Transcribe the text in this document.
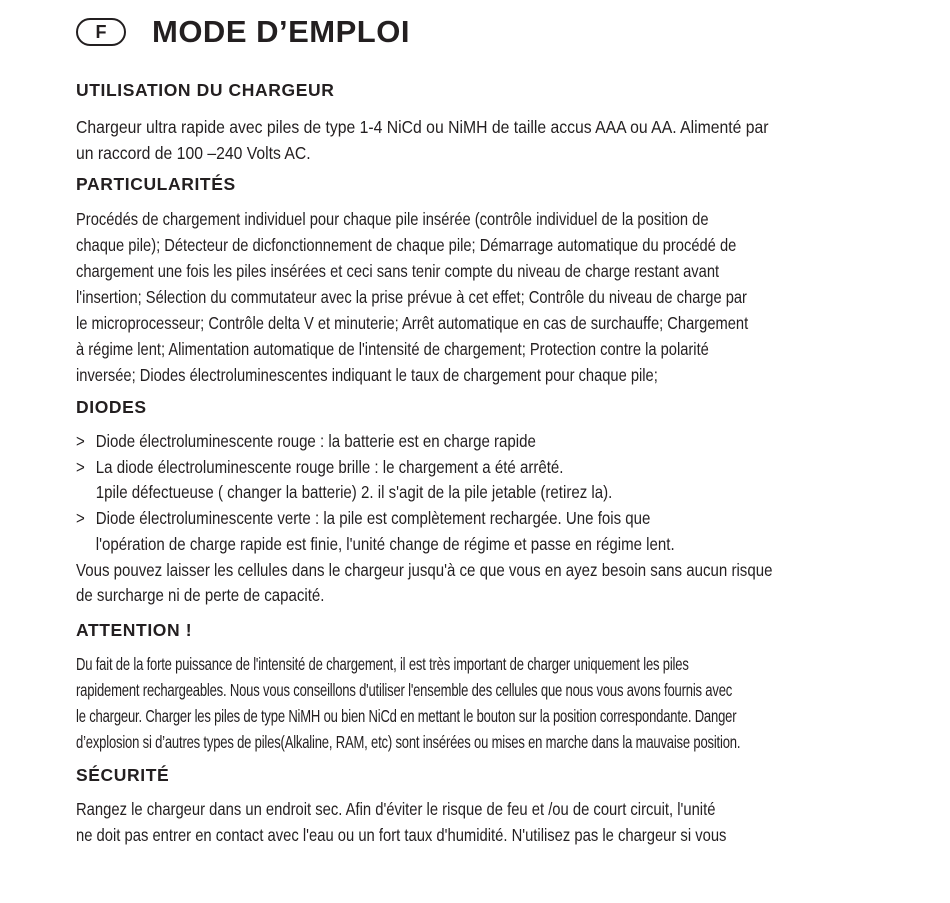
F MODE D’EMPLOI
UTILISATION DU CHARGEUR
Chargeur ultra rapide avec piles de type 1-4 NiCd ou NiMH de taille accus AAA ou AA. Alimenté par
un raccord de 100 –240 Volts AC.
PARTICULARITÉS
Procédés de chargement individuel pour chaque pile insérée (contrôle individuel de la position de
chaque pile); Détecteur de dicfonctionnement de chaque pile; Démarrage automatique du procédé de
chargement une fois les piles insérées et ceci sans tenir compte du niveau de charge restant avant
l'insertion; Sélection du commutateur avec la prise prévue à cet effet; Contrôle du niveau de charge par
le microprocesseur; Contrôle delta V et minuterie; Arrêt automatique en cas de surchauffe; Chargement
à régime lent; Alimentation automatique de l'intensité de chargement; Protection contre la polarité
inversée; Diodes électroluminescentes indiquant le taux de chargement pour chaque pile;
DIODES
> Diode électroluminescente rouge : la batterie est en charge rapide
> La diode électroluminescente rouge brille : le chargement a été arrêté.
1pile défectueuse ( changer la batterie) 2. il s'agit de la pile jetable (retirez la).
> Diode électroluminescente verte : la pile est complètement rechargée. Une fois que
l'opération de charge rapide est finie, l'unité change de régime et passe en régime lent.
Vous pouvez laisser les cellules dans le chargeur jusqu'à ce que vous en ayez besoin sans aucun risque
de surcharge ni de perte de capacité.
ATTENTION !
Du fait de la forte puissance de l'intensité de chargement, il est très important de charger uniquement les piles
rapidement rechargeables. Nous vous conseillons d'utiliser l'ensemble des cellules que nous vous avons fournis avec
le chargeur. Charger les piles de type NiMH ou bien NiCd en mettant le bouton sur la position correspondante. Danger
d’explosion si d’autres types de piles(Alkaline, RAM, etc) sont insérées ou mises en marche dans la mauvaise position.
SÉCURITÉ
Rangez le chargeur dans un endroit sec. Afin d'éviter le risque de feu et /ou de court circuit, l'unité
ne doit pas entrer en contact avec l'eau ou un fort taux d'humidité. N'utilisez pas le chargeur si vous
